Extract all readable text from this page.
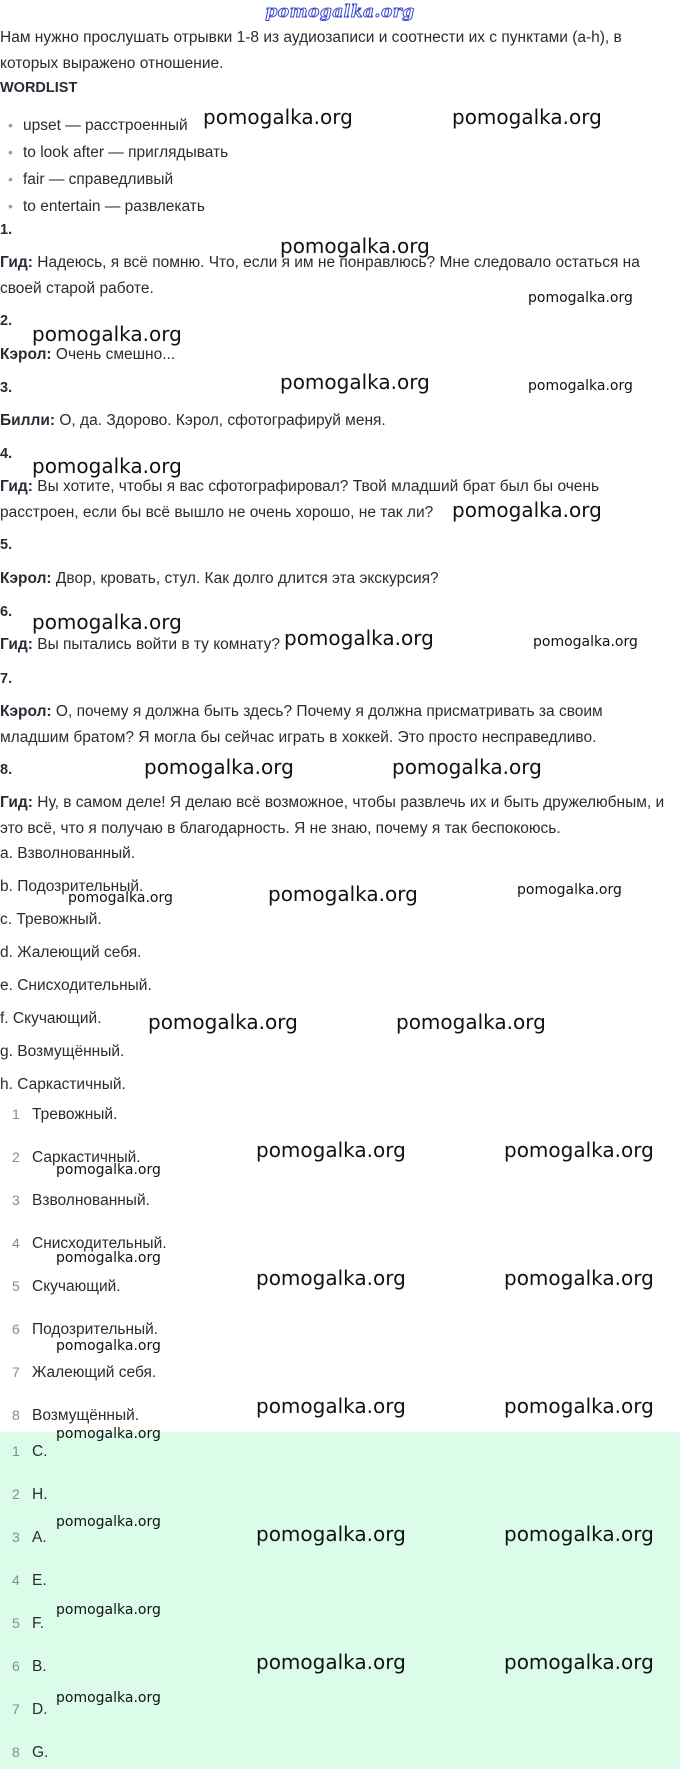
pomogalka.org
Нам нужно прослушать отрывки 1-8 из аудиозаписи и соотнести их с пунктами (a-h), в которых выражено отношение.
WORDLIST
• upset — расстроенный
• to look after — приглядывать
• fair — справедливый
• to entertain — развлекать
1.
Гид: Надеюсь, я всё помню. Что, если я им не понравлюсь? Мне следовало остаться на своей старой работе.
2.
Кэрол: Очень смешно...
3.
Билли: О, да. Здорово. Кэрол, сфотографируй меня.
4.
Гид: Вы хотите, чтобы я вас сфотографировал? Твой младший брат был бы очень расстроен, если бы всё вышло не очень хорошо, не так ли?
5.
Кэрол: Двор, кровать, стул. Как долго длится эта экскурсия?
6.
Гид: Вы пытались войти в ту комнату?
7.
Кэрол: О, почему я должна быть здесь? Почему я должна присматривать за своим младшим братом? Я могла бы сейчас играть в хоккей. Это просто несправедливо.
8.
Гид: Ну, в самом деле! Я делаю всё возможное, чтобы развлечь их и быть дружелюбным, и это всё, что я получаю в благодарность. Я не знаю, почему я так беспокоюсь.
a. Взволнованный.
b. Подозрительный.
c. Тревожный.
d. Жалеющий себя.
e. Снисходительный.
f. Скучающий.
g. Возмущённый.
h. Саркастичный.
1 Тревожный.
2 Саркастичный.
3 Взволнованный.
4 Снисходительный.
5 Скучающий.
6 Подозрительный.
7 Жалеющий себя.
8 Возмущённый.
1 C.
2 H.
3 A.
4 E.
5 F.
6 B.
7 D.
8 G.
pomogalka.org	pomogalka.org
pomogalka.org
pomogalka.org
pomogalka.org
pomogalka.org	pomogalka.org
pomogalka.org
pomogalka.org
pomogalka.org
pomogalka.org	pomogalka.org
pomogalka.org	pomogalka.org
pomogalka.org	pomogalka.org	pomogalka.org
pomogalka.org	pomogalka.org
pomogalka.org	pomogalka.org
pomogalka.org
pomogalka.org
pomogalka.org	pomogalka.org
pomogalka.org
pomogalka.org	pomogalka.org
pomogalka.org
pomogalka.org	pomogalka.org	pomogalka.org
pomogalka.org
pomogalka.org	pomogalka.org
pomogalka.org
